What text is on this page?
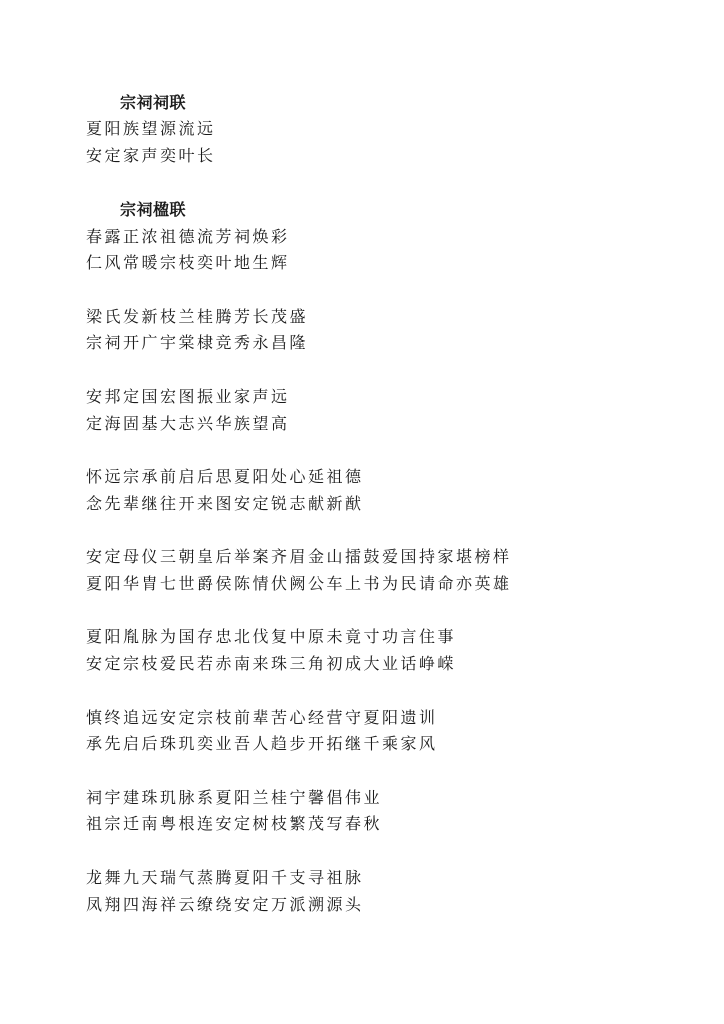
宗祠祠联
夏阳族望源流远
安定家声奕叶长
宗祠楹联
春露正浓祖德流芳祠焕彩
仁风常暖宗枝奕叶地生辉
梁氏发新枝兰桂腾芳长茂盛
宗祠开广宇棠棣竞秀永昌隆
安邦定国宏图振业家声远
定海固基大志兴华族望高
怀远宗承前启后思夏阳处心延祖德
念先辈继往开来图安定锐志献新猷
安定母仪三朝皇后举案齐眉金山擂鼓爱国持家堪榜样
夏阳华胄七世爵侯陈情伏阙公车上书为民请命亦英雄
夏阳胤脉为国存忠北伐复中原未竟寸功言住事
安定宗枝爱民若赤南来珠三角初成大业话峥嵘
慎终追远安定宗枝前辈苦心经营守夏阳遗训
承先启后珠玑奕业吾人趋步开拓继千乘家风
祠宇建珠玑脉系夏阳兰桂宁馨倡伟业
祖宗迁南粤根连安定树枝繁茂写春秋
龙舞九天瑞气蒸腾夏阳千支寻祖脉
凤翔四海祥云缭绕安定万派溯源头
